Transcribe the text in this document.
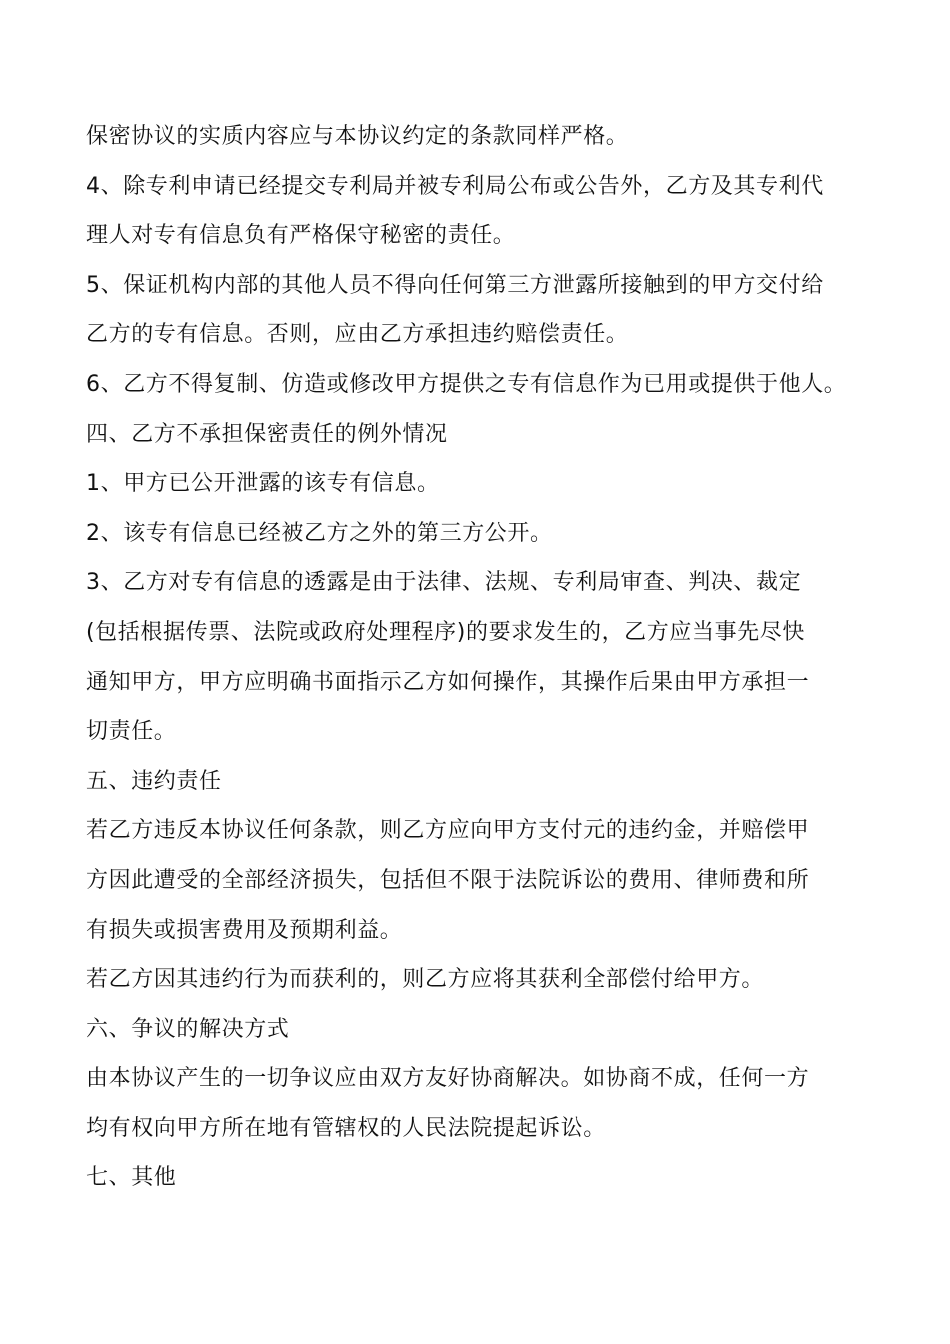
保密协议的实质内容应与本协议约定的条款同样严格。
4、除专利申请已经提交专利局并被专利局公布或公告外，乙方及其专利代
理人对专有信息负有严格保守秘密的责任。
5、保证机构内部的其他人员不得向任何第三方泄露所接触到的甲方交付给
乙方的专有信息。否则，应由乙方承担违约赔偿责任。
6、乙方不得复制、仿造或修改甲方提供之专有信息作为已用或提供于他人。
四、乙方不承担保密责任的例外情况
1、甲方已公开泄露的该专有信息。
2、该专有信息已经被乙方之外的第三方公开。
3、乙方对专有信息的透露是由于法律、法规、专利局审查、判决、裁定
(包括根据传票、法院或政府处理程序)的要求发生的，乙方应当事先尽快
通知甲方，甲方应明确书面指示乙方如何操作，其操作后果由甲方承担一
切责任。
五、违约责任
若乙方违反本协议任何条款，则乙方应向甲方支付元的违约金，并赔偿甲
方因此遭受的全部经济损失，包括但不限于法院诉讼的费用、律师费和所
有损失或损害费用及预期利益。
若乙方因其违约行为而获利的，则乙方应将其获利全部偿付给甲方。
六、争议的解决方式
由本协议产生的一切争议应由双方友好协商解决。如协商不成，任何一方
均有权向甲方所在地有管辖权的人民法院提起诉讼。
七、其他
